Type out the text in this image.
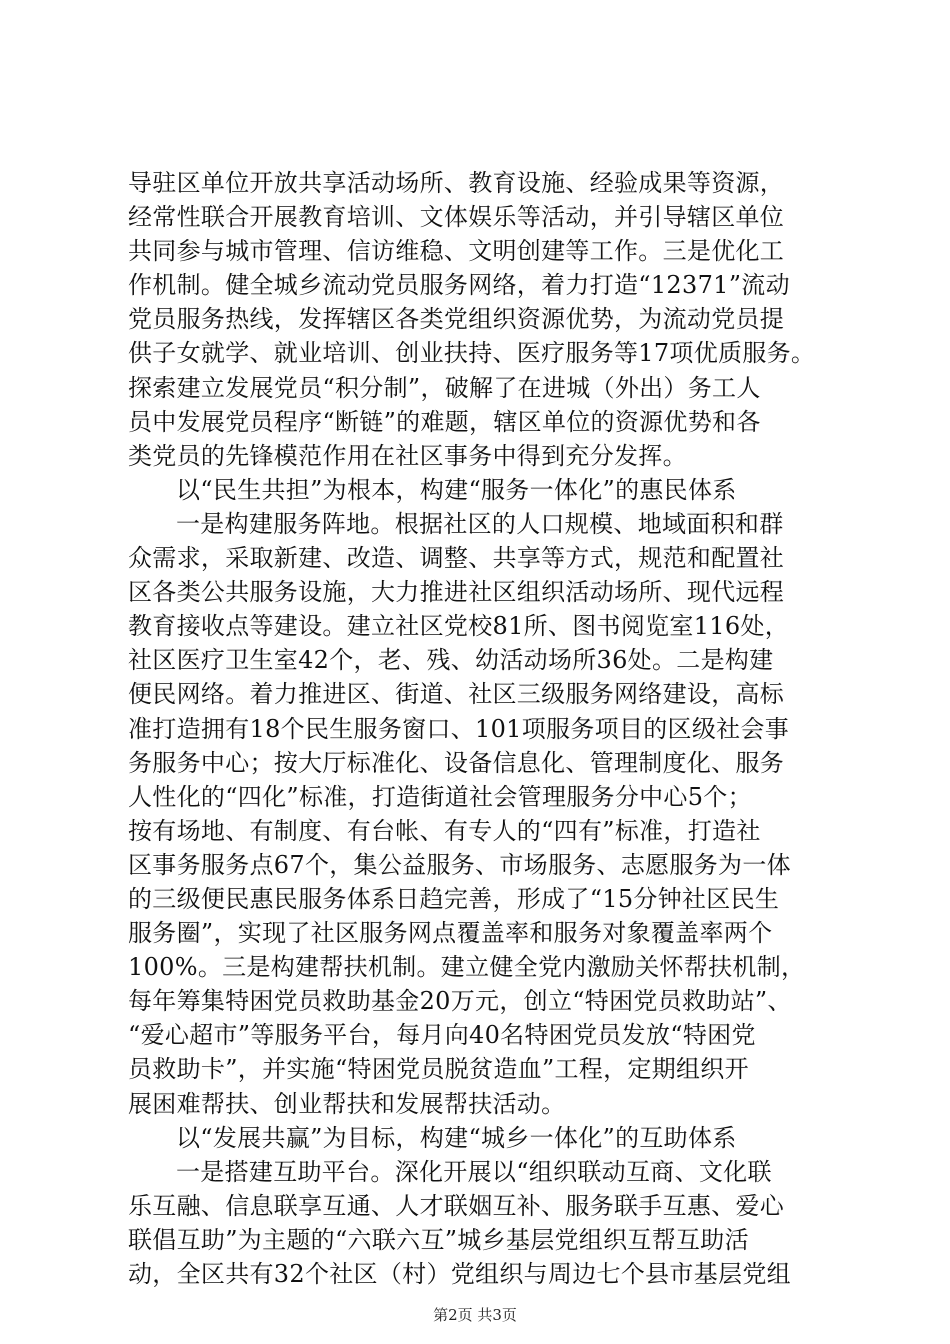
导驻区单位开放共享活动场所、教育设施、经验成果等资源，
经常性联合开展教育培训、文体娱乐等活动，并引导辖区单位
共同参与城市管理、信访维稳、文明创建等工作。三是优化工
作机制。健全城乡流动党员服务网络，着力打造“12371”流动
党员服务热线，发挥辖区各类党组织资源优势，为流动党员提
供子女就学、就业培训、创业扶持、医疗服务等17项优质服务。
探索建立发展党员“积分制”，破解了在进城（外出）务工人
员中发展党员程序“断链”的难题，辖区单位的资源优势和各
类党员的先锋模范作用在社区事务中得到充分发挥。
以“民生共担”为根本，构建“服务一体化”的惠民体系
一是构建服务阵地。根据社区的人口规模、地域面积和群
众需求，采取新建、改造、调整、共享等方式，规范和配置社
区各类公共服务设施，大力推进社区组织活动场所、现代远程
教育接收点等建设。建立社区党校81所、图书阅览室116处，
社区医疗卫生室42个，老、残、幼活动场所36处。二是构建
便民网络。着力推进区、街道、社区三级服务网络建设，高标
准打造拥有18个民生服务窗口、101项服务项目的区级社会事
务服务中心；按大厅标准化、设备信息化、管理制度化、服务
人性化的“四化”标准，打造街道社会管理服务分中心5个；
按有场地、有制度、有台帐、有专人的“四有”标准，打造社
区事务服务点67个，集公益服务、市场服务、志愿服务为一体
的三级便民惠民服务体系日趋完善，形成了“15分钟社区民生
服务圈”，实现了社区服务网点覆盖率和服务对象覆盖率两个
100%。三是构建帮扶机制。建立健全党内激励关怀帮扶机制，
每年筹集特困党员救助基金20万元，创立“特困党员救助站”、
“爱心超市”等服务平台，每月向40名特困党员发放“特困党
员救助卡”，并实施“特困党员脱贫造血”工程，定期组织开
展困难帮扶、创业帮扶和发展帮扶活动。
以“发展共赢”为目标，构建“城乡一体化”的互助体系
一是搭建互助平台。深化开展以“组织联动互商、文化联
乐互融、信息联享互通、人才联姻互补、服务联手互惠、爱心
联倡互助”为主题的“六联六互”城乡基层党组织互帮互助活
动，全区共有32个社区（村）党组织与周边七个县市基层党组
第2页 共3页
